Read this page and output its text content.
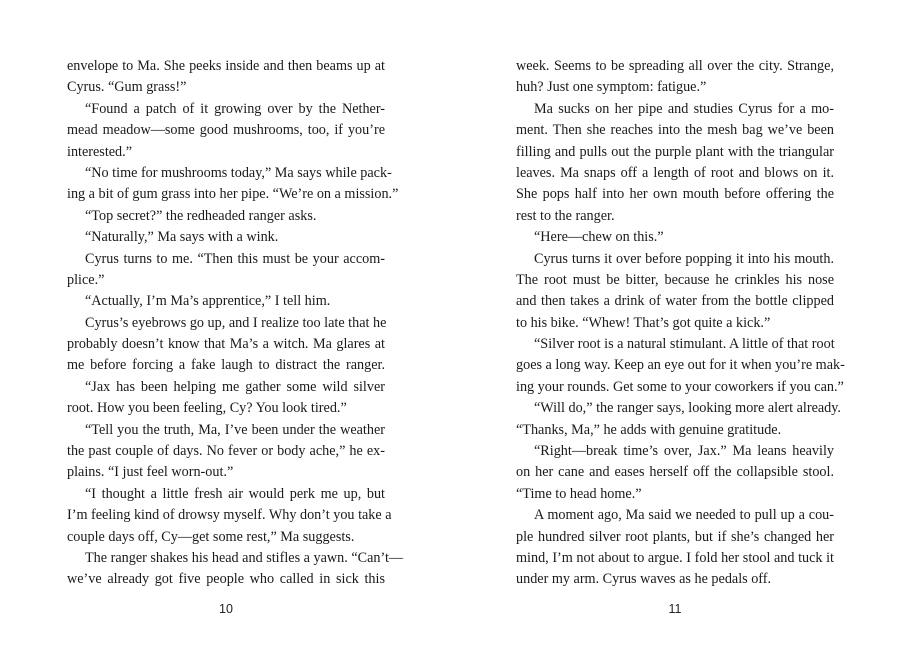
envelope to Ma. She peeks inside and then beams up at
Cyrus. “Gum grass!”
“Found a patch of it growing over by the Nether-
mead meadow—some good mushrooms, too, if you’re
interested.”
“No time for mushrooms today,” Ma says while pack-
ing a bit of gum grass into her pipe. “We’re on a mission.”
“Top secret?” the redheaded ranger asks.
“Naturally,” Ma says with a wink.
Cyrus turns to me. “Then this must be your accom-
plice.”
“Actually, I’m Ma’s apprentice,” I tell him.
Cyrus’s eyebrows go up, and I realize too late that he
probably doesn’t know that Ma’s a witch. Ma glares at
me before forcing a fake laugh to distract the ranger.
“Jax has been helping me gather some wild silver
root. How you been feeling, Cy? You look tired.”
“Tell you the truth, Ma, I’ve been under the weather
the past couple of days. No fever or body ache,” he ex-
plains. “I just feel worn-out.”
“I thought a little fresh air would perk me up, but
I’m feeling kind of drowsy myself. Why don’t you take a
couple days off, Cy—get some rest,” Ma suggests.
The ranger shakes his head and stifles a yawn. “Can’t—
we’ve already got five people who called in sick this
week. Seems to be spreading all over the city. Strange,
huh? Just one symptom: fatigue.”
Ma sucks on her pipe and studies Cyrus for a mo-
ment. Then she reaches into the mesh bag we’ve been
filling and pulls out the purple plant with the triangular
leaves. Ma snaps off a length of root and blows on it.
She pops half into her own mouth before offering the
rest to the ranger.
“Here—chew on this.”
Cyrus turns it over before popping it into his mouth.
The root must be bitter, because he crinkles his nose
and then takes a drink of water from the bottle clipped
to his bike. “Whew! That’s got quite a kick.”
“Silver root is a natural stimulant. A little of that root
goes a long way. Keep an eye out for it when you’re mak-
ing your rounds. Get some to your coworkers if you can.”
“Will do,” the ranger says, looking more alert already.
“Thanks, Ma,” he adds with genuine gratitude.
“Right—break time’s over, Jax.” Ma leans heavily
on her cane and eases herself off the collapsible stool.
“Time to head home.”
A moment ago, Ma said we needed to pull up a cou-
ple hundred silver root plants, but if she’s changed her
mind, I’m not about to argue. I fold her stool and tuck it
under my arm. Cyrus waves as he pedals off.
10	11
